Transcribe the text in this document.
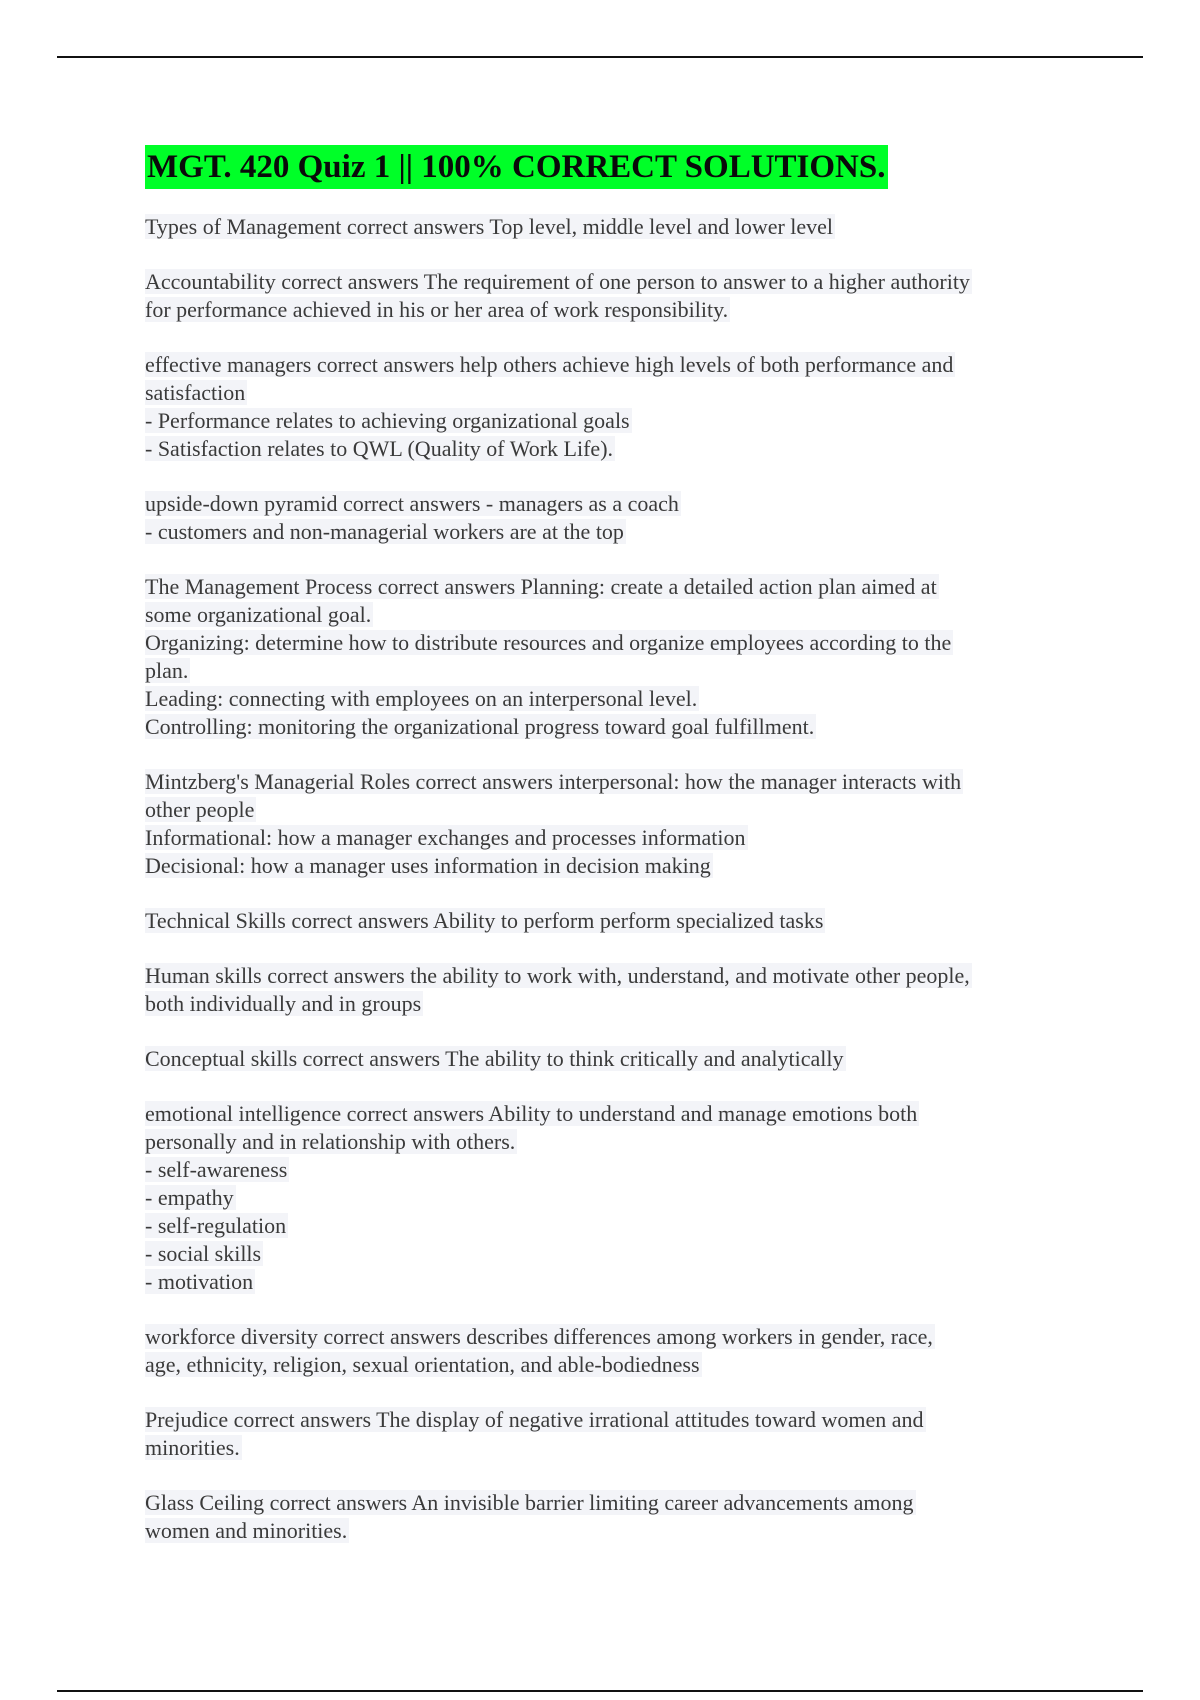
MGT. 420 Quiz 1 || 100% CORRECT SOLUTIONS.
Types of Management correct answers Top level, middle level and lower level
Accountability correct answers The requirement of one person to answer to a higher authority
for performance achieved in his or her area of work responsibility.
effective managers correct answers help others achieve high levels of both performance and
satisfaction
- Performance relates to achieving organizational goals
- Satisfaction relates to QWL (Quality of Work Life).
upside-down pyramid correct answers - managers as a coach
- customers and non-managerial workers are at the top
The Management Process correct answers Planning: create a detailed action plan aimed at
some organizational goal.
Organizing: determine how to distribute resources and organize employees according to the
plan.
Leading: connecting with employees on an interpersonal level.
Controlling: monitoring the organizational progress toward goal fulfillment.
Mintzberg's Managerial Roles correct answers interpersonal: how the manager interacts with
other people
Informational: how a manager exchanges and processes information
Decisional: how a manager uses information in decision making
Technical Skills correct answers Ability to perform perform specialized tasks
Human skills correct answers the ability to work with, understand, and motivate other people,
both individually and in groups
Conceptual skills correct answers The ability to think critically and analytically
emotional intelligence correct answers Ability to understand and manage emotions both
personally and in relationship with others.
- self-awareness
- empathy
- self-regulation
- social skills
- motivation
workforce diversity correct answers describes differences among workers in gender, race,
age, ethnicity, religion, sexual orientation, and able-bodiedness
Prejudice correct answers The display of negative irrational attitudes toward women and
minorities.
Glass Ceiling correct answers An invisible barrier limiting career advancements among
women and minorities.
